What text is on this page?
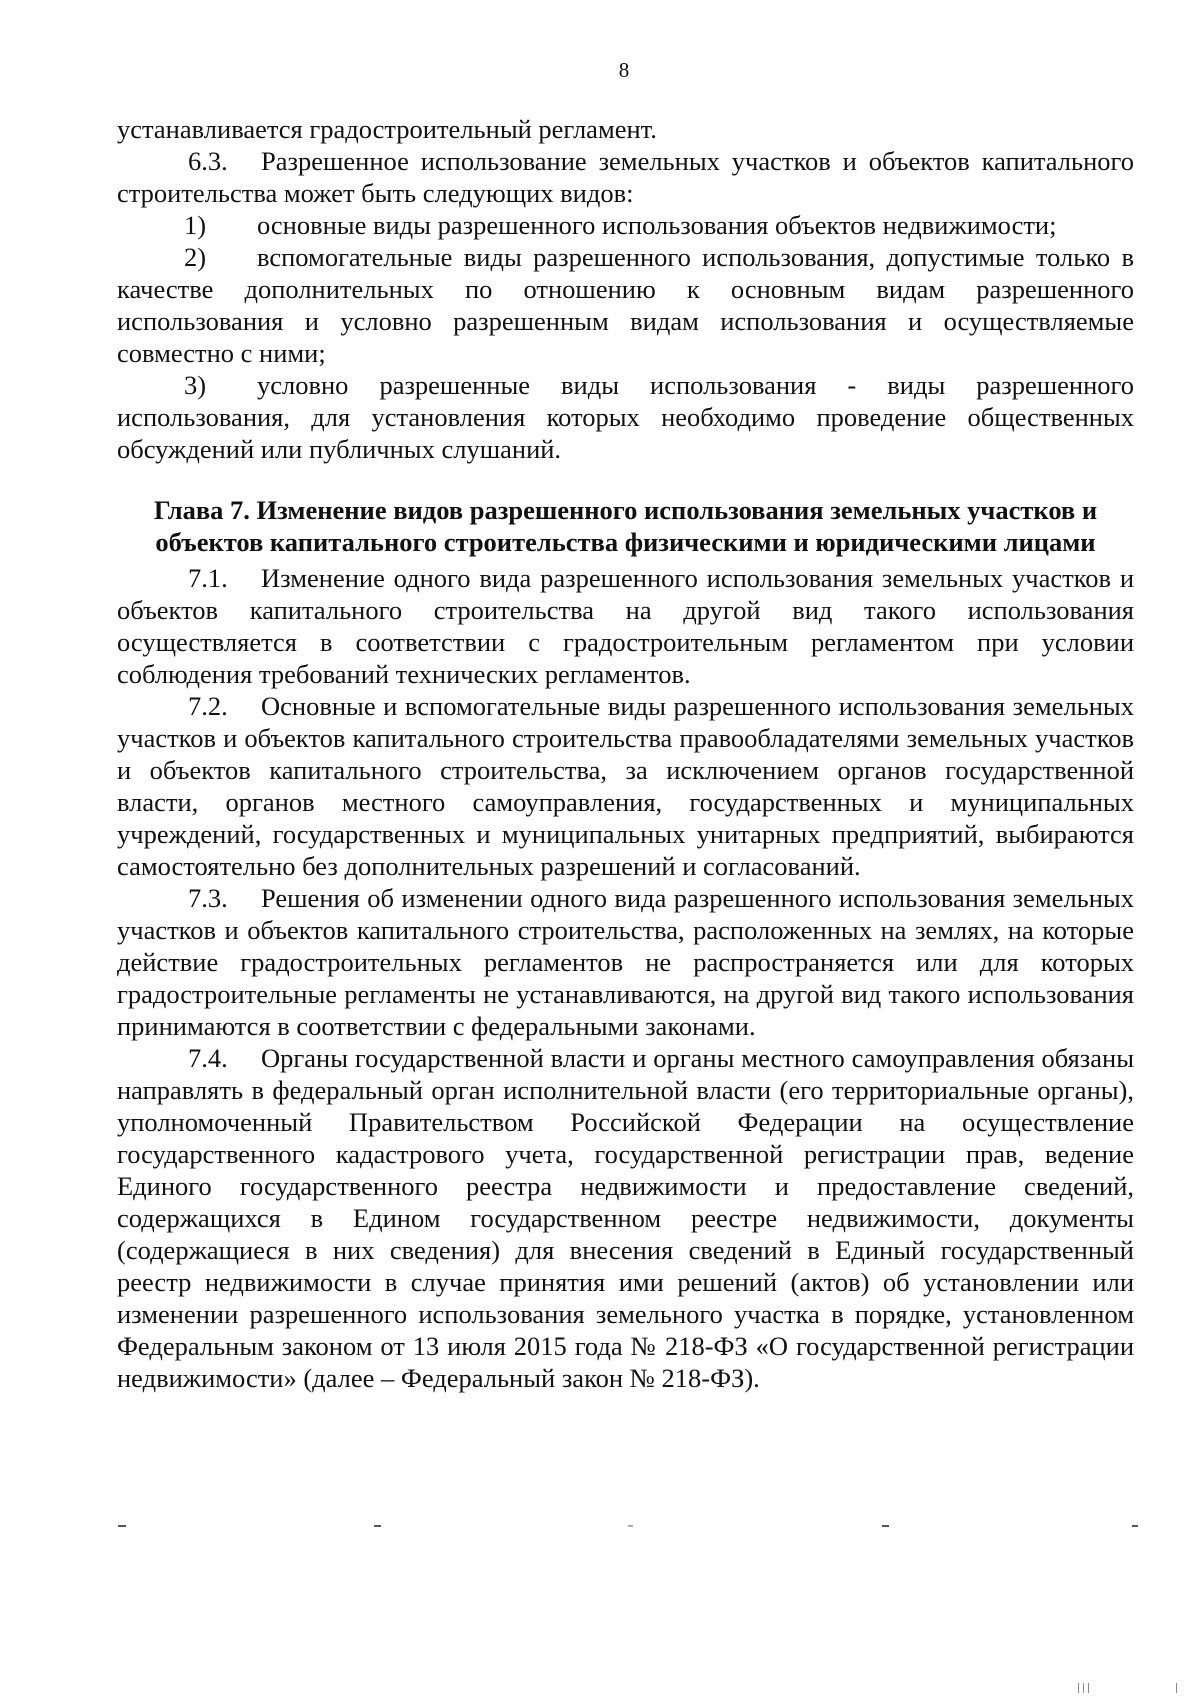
8

устанавливается градостроительный регламент.

6.3. Разрешенное использование земельных участков и объектов капитального строительства может быть следующих видов:

1) основные виды разрешенного использования объектов недвижимости;

2) вспомогательные виды разрешенного использования, допустимые только в качестве дополнительных по отношению к основным видам разрешенного использования и условно разрешенным видам использования и осуществляемые совместно с ними;

3) условно разрешенные виды использования - виды разрешенного использования, для установления которых необходимо проведение общественных обсуждений или публичных слушаний.

Глава 7. Изменение видов разрешенного использования земельных участков и
объектов капитального строительства физическими и юридическими лицами

7.1. Изменение одного вида разрешенного использования земельных участков и объектов капитального строительства на другой вид такого использования осуществляется в соответствии с градостроительным регламентом при условии соблюдения требований технических регламентов.

7.2. Основные и вспомогательные виды разрешенного использования земельных участков и объектов капитального строительства правообладателями земельных участков и объектов капитального строительства, за исключением органов государственной власти, органов местного самоуправления, государственных и муниципальных учреждений, государственных и муниципальных унитарных предприятий, выбираются самостоятельно без дополнительных разрешений и согласований.

7.3. Решения об изменении одного вида разрешенного использования земельных участков и объектов капитального строительства, расположенных на землях, на которые действие градостроительных регламентов не распространяется или для которых градостроительные регламенты не устанавливаются, на другой вид такого использования принимаются в соответствии с федеральными законами.

7.4. Органы государственной власти и органы местного самоуправления обязаны направлять в федеральный орган исполнительной власти (его территориальные органы), уполномоченный Правительством Российской Федерации на осуществление государственного кадастрового учета, государственной регистрации прав, ведение Единого государственного реестра недвижимости и предоставление сведений, содержащихся в Едином государственном реестре недвижимости, документы (содержащиеся в них сведения) для внесения сведений в Единый государственный реестр недвижимости в случае принятия ими решений (актов) об установлении или изменении разрешенного использования земельного участка в порядке, установленном Федеральным законом от 13 июля 2015 года № 218-ФЗ «О государственной регистрации недвижимости» (далее – Федеральный закон № 218-ФЗ).
